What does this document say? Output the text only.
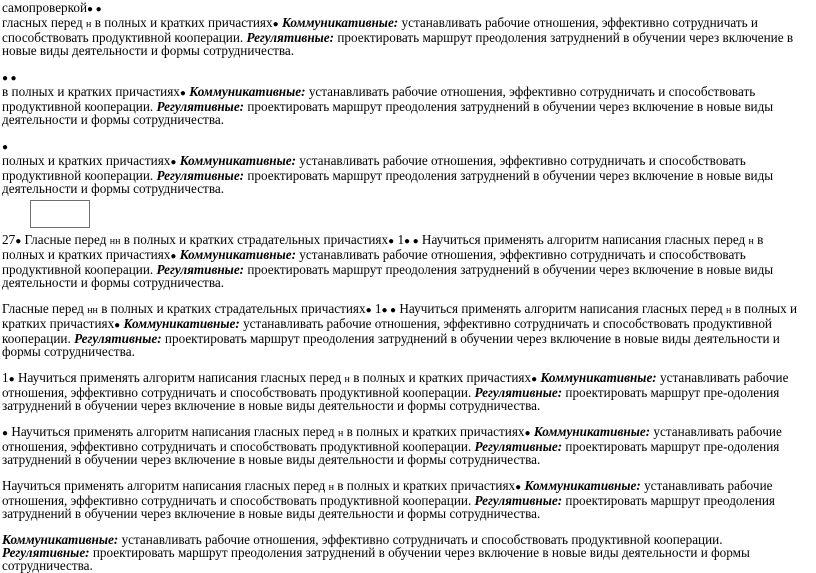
самопроверкой● ●
гласных перед н в полных и кратких причастиях● Коммуникативные: устанавливать рабочие отношения, эффективно сотрудничать и способствовать продуктивной кооперации. Регулятивные: проектировать маршрут преодоления затруднений в обучении через включение в новые виды деятельности и формы сотрудничества.
● ●
в полных и кратких причастиях● Коммуникативные: устанавливать рабочие отношения, эффективно сотрудничать и способствовать продуктивной кооперации. Регулятивные: проектировать маршрут преодоления затруднений в обучении через включение в новые виды деятельности и формы сотрудничества.
●
полных и кратких причастиях● Коммуникативные: устанавливать рабочие отношения, эффективно сотрудничать и способствовать продуктивной кооперации. Регулятивные: проектировать маршрут преодоления затруднений в обучении через включение в новые виды деятельности и формы сотрудничества.
27● Гласные перед нн в полных и кратких страдательных причастиях● 1● ● Научиться применять алгоритм написания гласных перед н в полных и кратких причастиях● Коммуникативные: устанавливать рабочие отношения, эффективно сотрудничать и способствовать продуктивной кооперации. Регулятивные: проектировать маршрут преодоления затруднений в обучении через включение в новые виды деятельности и формы сотрудничества.
Гласные перед нн в полных и кратких страдательных причастиях● 1● ● Научиться применять алгоритм написания гласных перед н в полных и кратких причастиях● Коммуникативные: устанавливать рабочие отношения, эффективно сотрудничать и способствовать продуктивной кооперации. Регулятивные: проектировать маршрут преодоления затруднений в обучении через включение в новые виды деятельности и формы сотрудничества.
1● Научиться применять алгоритм написания гласных перед н в полных и кратких причастиях● Коммуникативные: устанавливать рабочие отношения, эффективно сотрудничать и способствовать продуктивной кооперации. Регулятивные: проектировать маршрут пре-одоления затруднений в обучении через включение в новые виды деятельности и формы сотрудничества.
● Научиться применять алгоритм написания гласных перед н в полных и кратких причастиях● Коммуникативные: устанавливать рабочие отношения, эффективно сотрудничать и способствовать продуктивной кооперации. Регулятивные: проектировать маршрут пре-одоления затруднений в обучении через включение в новые виды деятельности и формы сотрудничества.
Научиться применять алгоритм написания гласных перед н в полных и кратких причастиях● Коммуникативные: устанавливать рабочие отношения, эффективно сотрудничать и способствовать продуктивной кооперации. Регулятивные: проектировать маршрут преодоления затруднений в обучении через включение в новые виды деятельности и формы сотрудничества.
Коммуникативные: устанавливать рабочие отношения, эффективно сотрудничать и способствовать продуктивной кооперации.
Регулятивные: проектировать маршрут преодоления затруднений в обучении через включение в новые виды деятельности и формы сотрудничества.
